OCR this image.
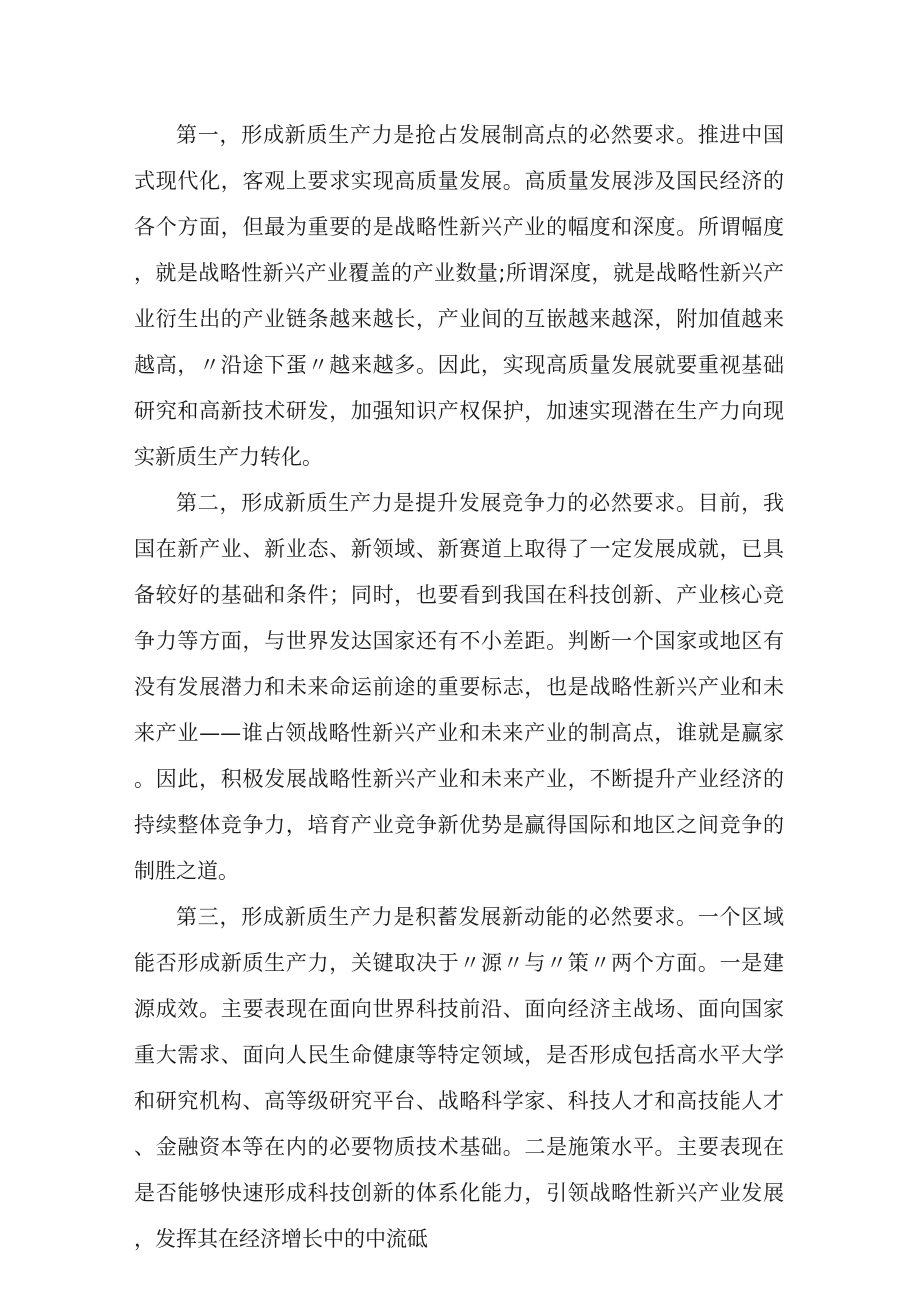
第一，形成新质生产力是抢占发展制高点的必然要求。推进中国式现代化，客观上要求实现高质量发展。高质量发展涉及国民经济的各个方面，但最为重要的是战略性新兴产业的幅度和深度。所谓幅度，就是战略性新兴产业覆盖的产业数量;所谓深度，就是战略性新兴产业衍生出的产业链条越来越长，产业间的互嵌越来越深，附加值越来越高，〃沿途下蛋〃越来越多。因此，实现高质量发展就要重视基础研究和高新技术研发，加强知识产权保护，加速实现潜在生产力向现实新质生产力转化。

第二，形成新质生产力是提升发展竞争力的必然要求。目前，我国在新产业、新业态、新领域、新赛道上取得了一定发展成就，已具备较好的基础和条件；同时，也要看到我国在科技创新、产业核心竞争力等方面，与世界发达国家还有不小差距。判断一个国家或地区有没有发展潜力和未来命运前途的重要标志，也是战略性新兴产业和未来产业——谁占领战略性新兴产业和未来产业的制高点，谁就是赢家。因此，积极发展战略性新兴产业和未来产业，不断提升产业经济的持续整体竞争力，培育产业竞争新优势是赢得国际和地区之间竞争的制胜之道。

第三，形成新质生产力是积蓄发展新动能的必然要求。一个区域能否形成新质生产力，关键取决于〃源〃与〃策〃两个方面。一是建源成效。主要表现在面向世界科技前沿、面向经济主战场、面向国家重大需求、面向人民生命健康等特定领域，是否形成包括高水平大学和研究机构、高等级研究平台、战略科学家、科技人才和高技能人才、金融资本等在内的必要物质技术基础。二是施策水平。主要表现在是否能够快速形成科技创新的体系化能力，引领战略性新兴产业发展，发挥其在经济增长中的中流砥
